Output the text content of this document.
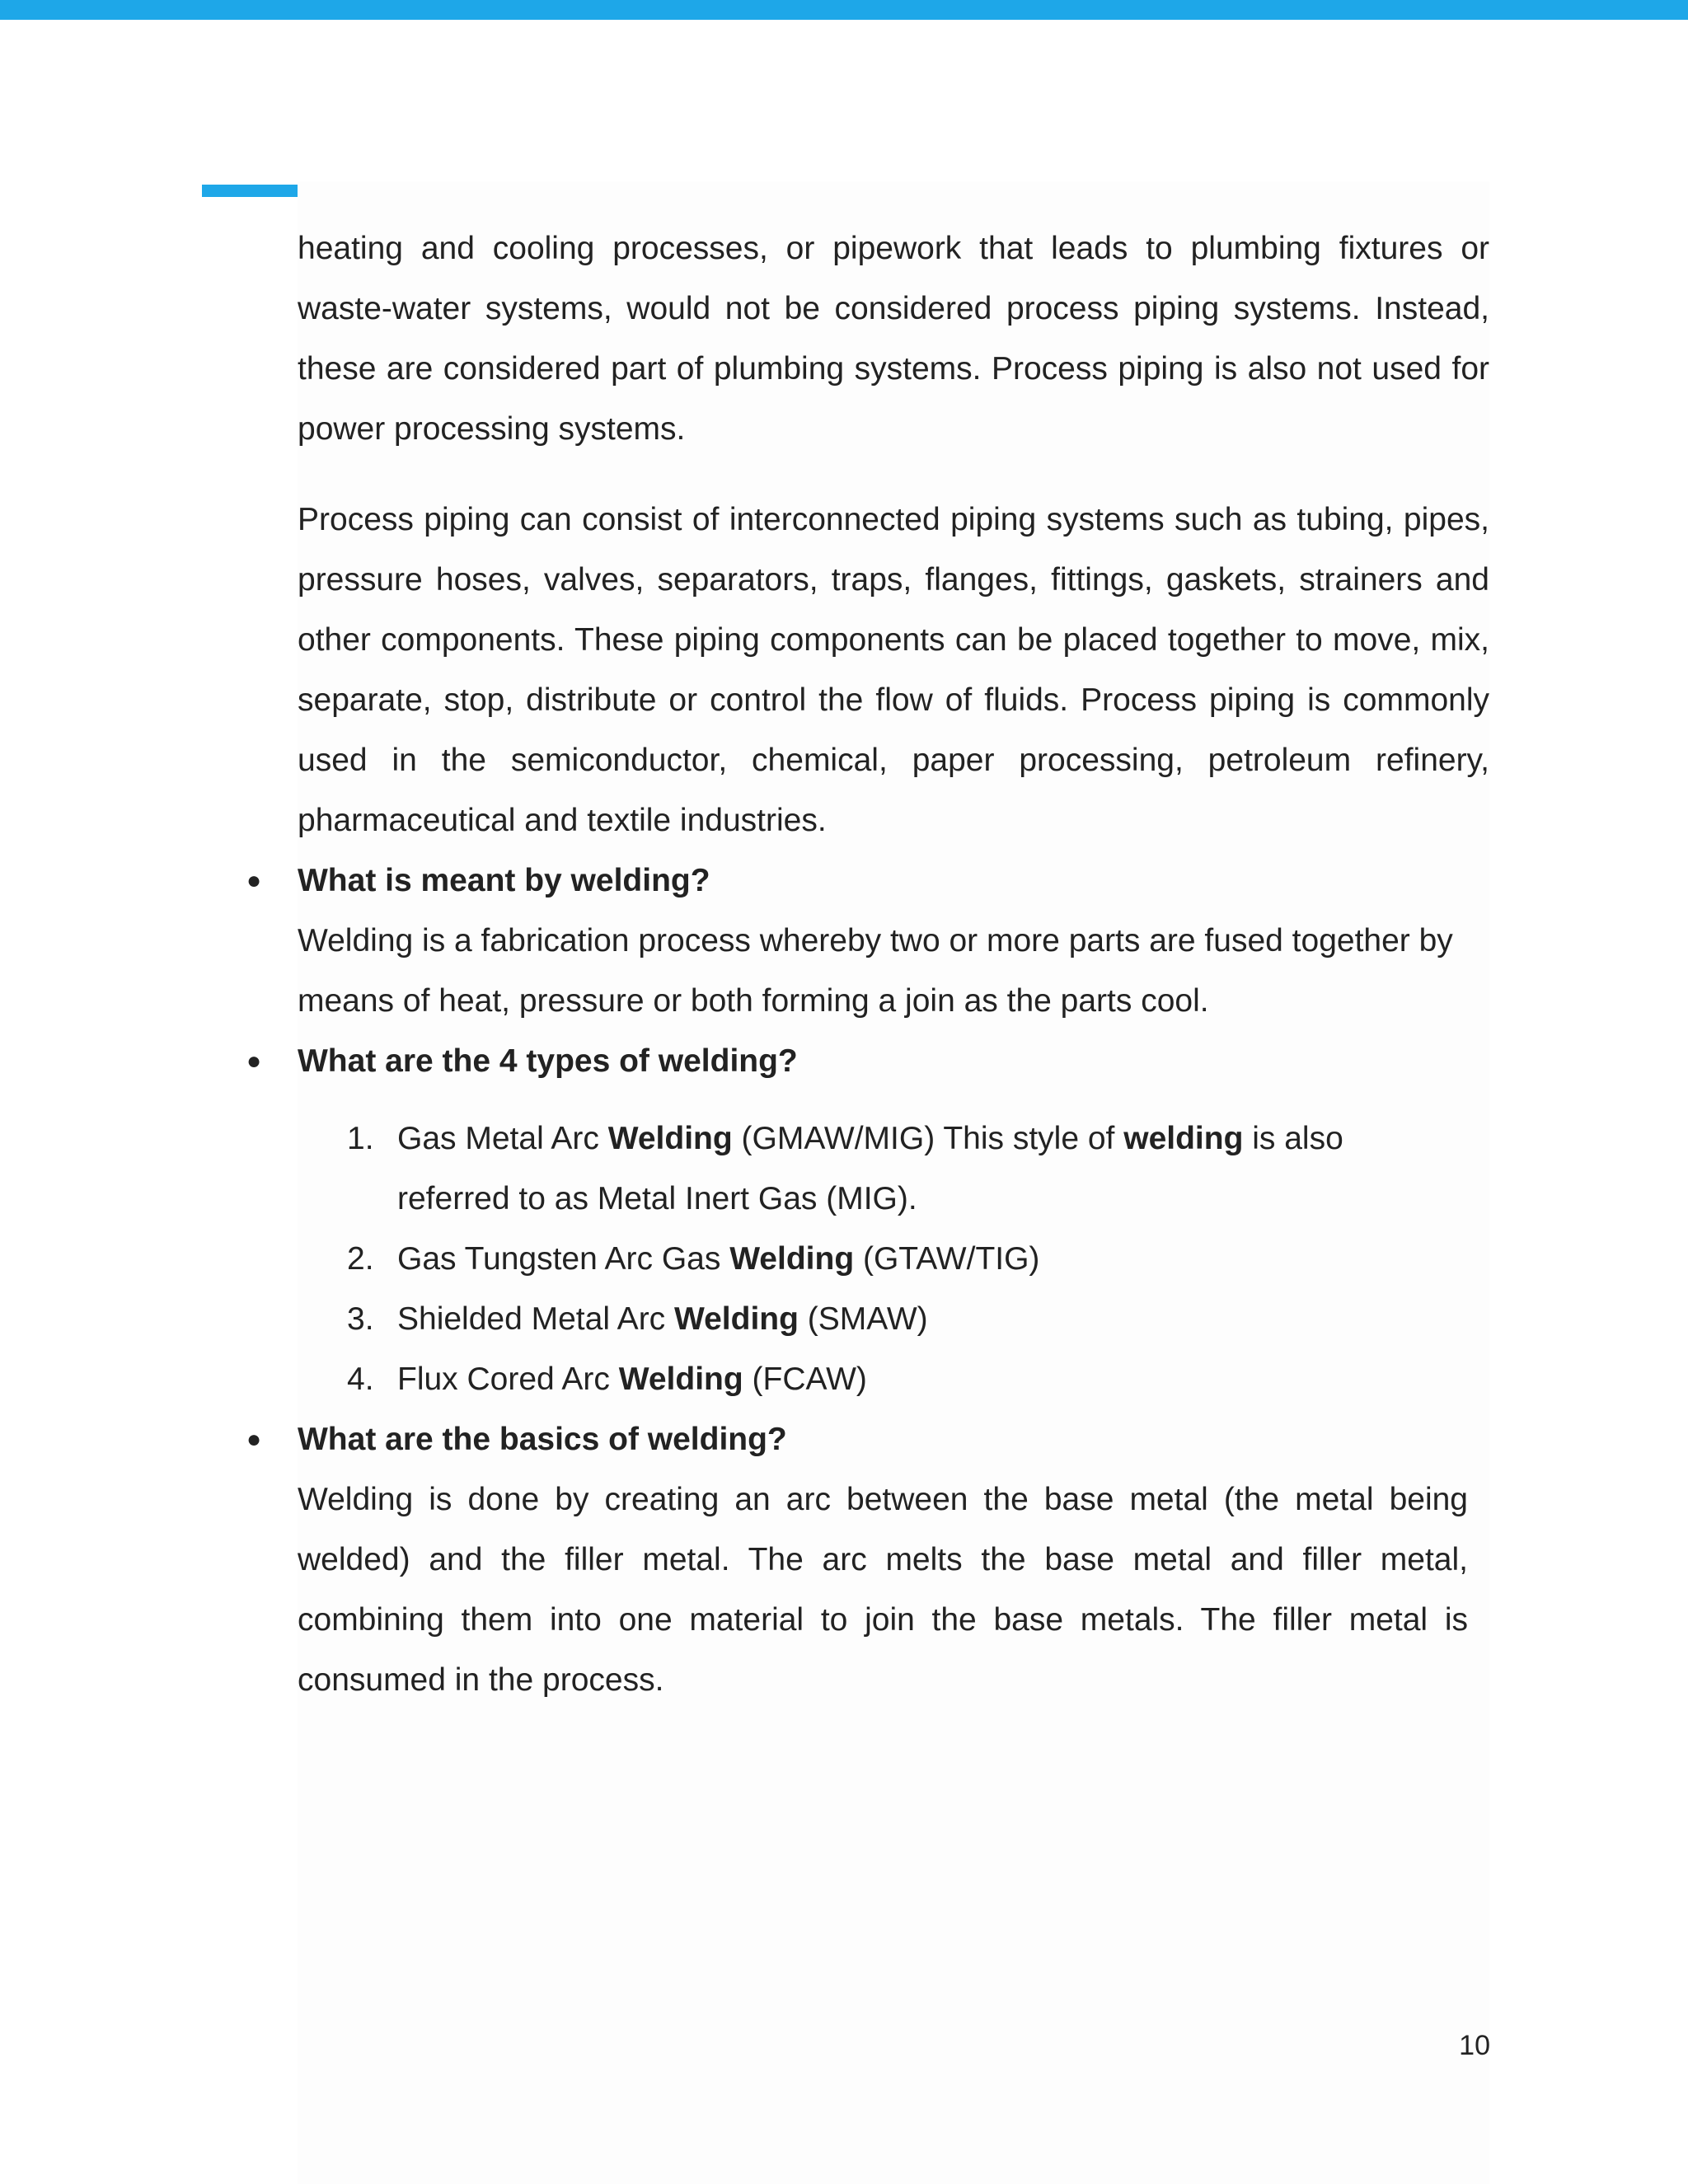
heating and cooling processes, or pipework that leads to plumbing fixtures or waste-water systems, would not be considered process piping systems. Instead, these are considered part of plumbing systems. Process piping is also not used for power processing systems.

Process piping can consist of interconnected piping systems such as tubing, pipes, pressure hoses, valves, separators, traps, flanges, fittings, gaskets, strainers and other components. These piping components can be placed together to move, mix, separate, stop, distribute or control the flow of fluids. Process piping is commonly used in the semiconductor, chemical, paper processing, petroleum refinery, pharmaceutical and textile industries.

● What is meant by welding?

Welding is a fabrication process whereby two or more parts are fused together by means of heat, pressure or both forming a join as the parts cool.

● What are the 4 types of welding?

1. Gas Metal Arc Welding (GMAW/MIG) This style of welding is also referred to as Metal Inert Gas (MIG).
2. Gas Tungsten Arc Gas Welding (GTAW/TIG)
3. Shielded Metal Arc Welding (SMAW)
4. Flux Cored Arc Welding (FCAW)

● What are the basics of welding?

Welding is done by creating an arc between the base metal (the metal being welded) and the filler metal. The arc melts the base metal and filler metal, combining them into one material to join the base metals. The filler metal is consumed in the process.

10
